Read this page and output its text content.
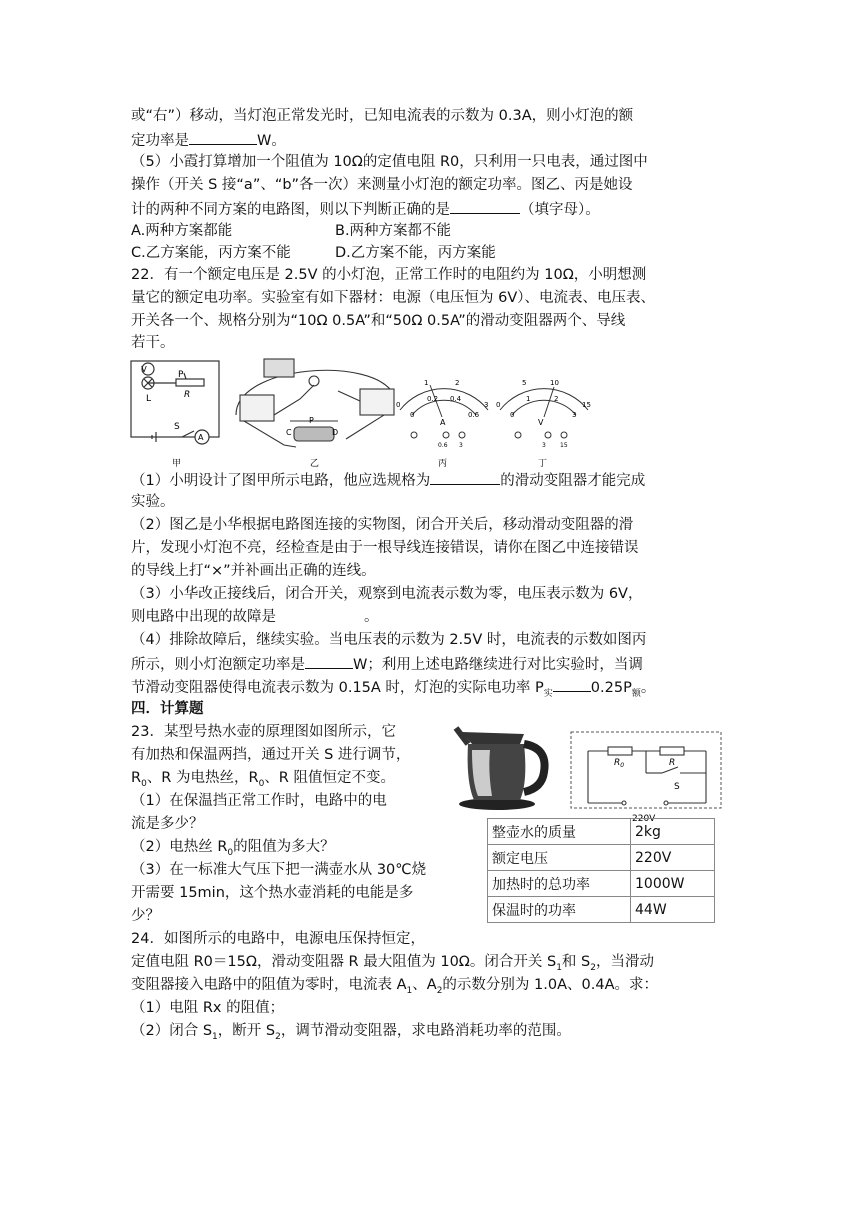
或“右”）移动，当灯泡正常发光时，已知电流表的示数为 0.3A，则小灯泡的额
定功率是	W。
（5）小霞打算增加一个阻值为 10Ω的定值电阻 R0，只利用一只电表，通过图中
操作（开关 S 接“a”、“b”各一次）来测量小灯泡的额定功率。图乙、丙是她设
计的两种不同方案的电路图，则以下判断正确的是	（填字母）。
A.两种方案都能	B.两种方案都不能
C.乙方案能，丙方案不能	D.乙方案不能，丙方案能
22．有一个额定电压是 2.5V 的小灯泡，正常工作时的电阻约为 10Ω，小明想测
量它的额定电功率。实验室有如下器材：电源（电压恒为 6V）、电流表、电压表、
开关各一个、规格分别为“10Ω 0.5A”和“50Ω 0.5A”的滑动变阻器两个、导线
若干。
V
L	R
P
S
A
甲
C	D
P
乙
0
1	2
3
0
0.2 0.4
0.6
A
0.6 3
丙
0
5	10
15
0
1	2
3
V
3 15
丁
（1）小明设计了图甲所示电路，他应选规格为	的滑动变阻器才能完成
实验。
（2）图乙是小华根据电路图连接的实物图，闭合开关后，移动滑动变阻器的滑
片，发现小灯泡不亮，经检查是由于一根导线连接错误，请你在图乙中连接错误
的导线上打“×”并补画出正确的连线。
（3）小华改正接线后，闭合开关，观察到电流表示数为零，电压表示数为 6V，
则电路中出现的故障是	。
（4）排除故障后，继续实验。当电压表的示数为 2.5V 时，电流表的示数如图丙
所示，则小灯泡额定功率是	W；利用上述电路继续进行对比实验时，当调
节滑动变阻器使得电流表示数为 0.15A 时，灯泡的实际电功率 $P_实$	$0.25P_额$。
四．计算题
23．某型号热水壶的原理图如图所示，它
有加热和保温两挡，通过开关 S 进行调节，
$R_0$、R 为电热丝，$R_0$、R 阻值恒定不变。
（1）在保温挡正常工作时，电路中的电
流是多少？
（2）电热丝 $R_0$的阻值为多大？
（3）在一标准大气压下把一满壶水从 30℃烧
开需要 15min，这个热水壶消耗的电能是多
少？
$R_0$	R
S
220V
整壶水的质量	2kg
额定电压	220V
加热时的总功率	1000W
保温时的功率	44W
24．如图所示的电路中，电源电压保持恒定，
定值电阻 R0＝15Ω，滑动变阻器 R 最大阻值为 10Ω。闭合开关 $S_1$和 $S_2$，当滑动
变阻器接入电路中的阻值为零时，电流表 $A_1$、$A_2$的示数分别为 1.0A、0.4A。求：
（1）电阻 Rx 的阻值；
（2）闭合 $S_1$，断开 $S_2$，调节滑动变阻器，求电路消耗功率的范围。
